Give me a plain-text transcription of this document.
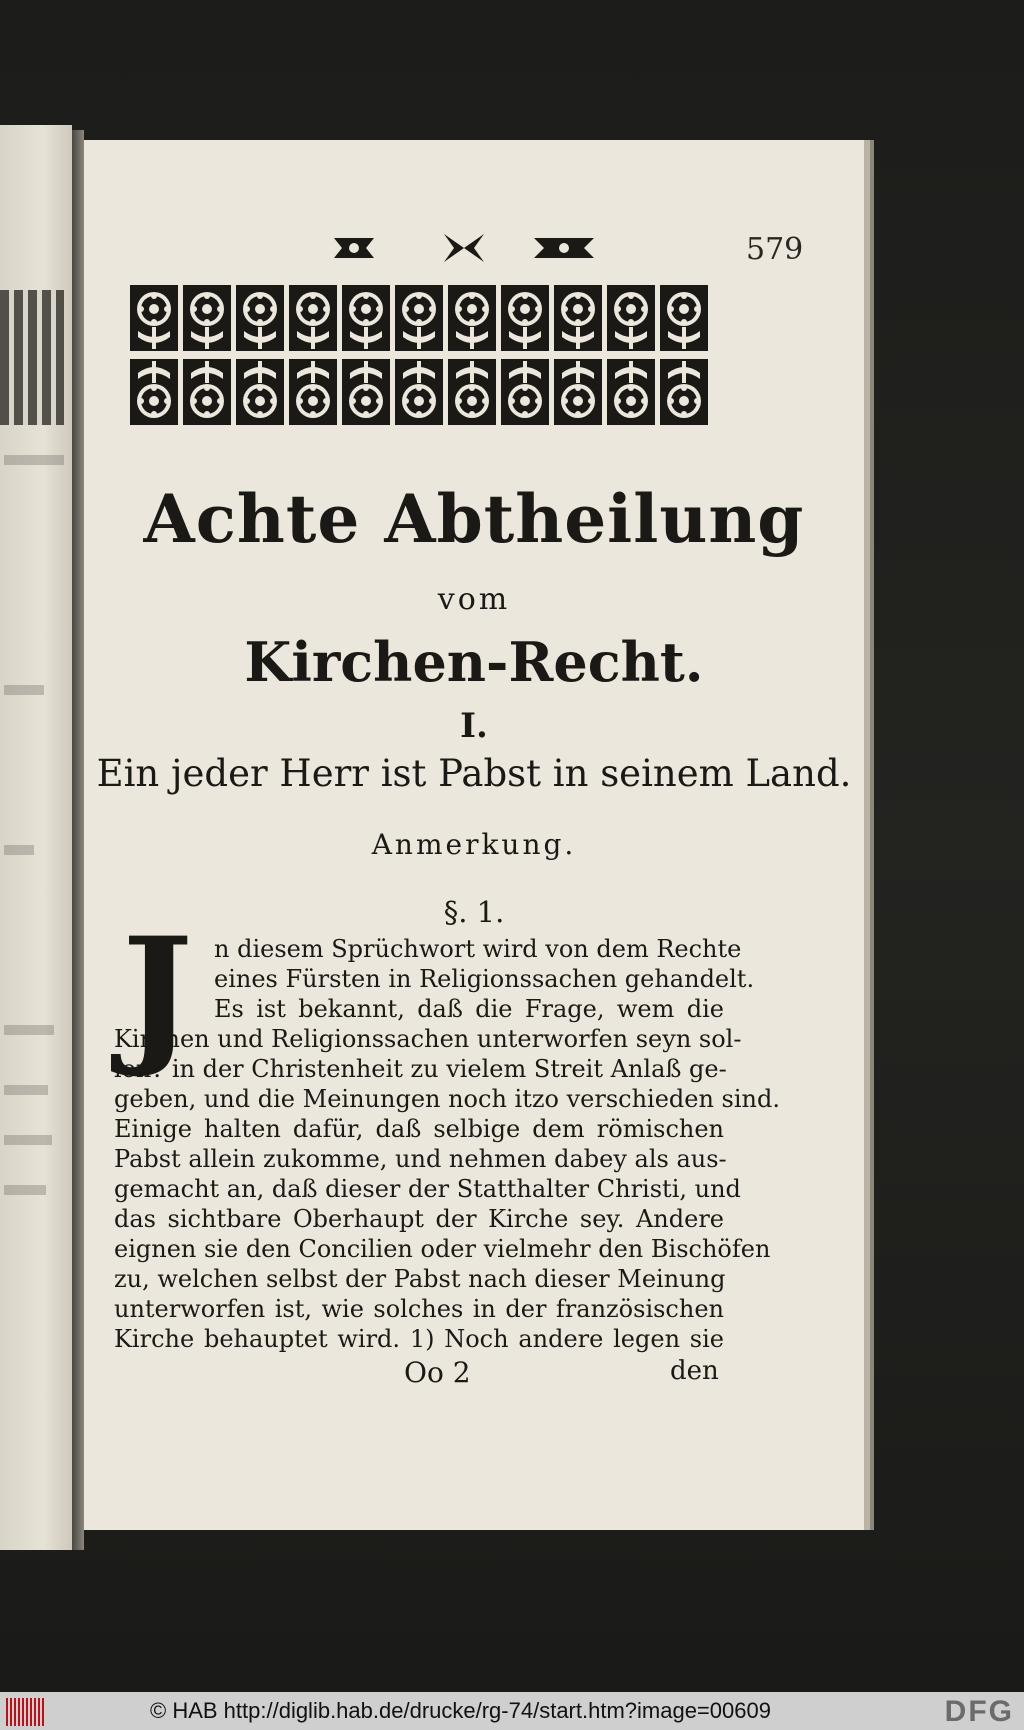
579
Achte Abtheilung
vom
Kirchen-Recht.
I.
Ein jeder Herr ist Pabst in seinem Land.
Anmerkung.
§. 1.
J n diesem Sprüchwort wird von dem Rechte
eines Fürsten in Religionssachen gehandelt.
Es ist bekannt, daß die Frage, wem die
Kirchen und Religionssachen unterworfen seyn sol-
len? in der Christenheit zu vielem Streit Anlaß ge-
geben, und die Meinungen noch itzo verschieden sind.
Einige halten dafür, daß selbige dem römischen
Pabst allein zukomme, und nehmen dabey als aus-
gemacht an, daß dieser der Statthalter Christi, und
das sichtbare Oberhaupt der Kirche sey. Andere
eignen sie den Concilien oder vielmehr den Bischöfen
zu, welchen selbst der Pabst nach dieser Meinung
unterworfen ist, wie solches in der französischen
Kirche behauptet wird. 1) Noch andere legen sie
Oo 2	den
© HAB http://diglib.hab.de/drucke/rg-74/start.htm?image=00609	DFG
